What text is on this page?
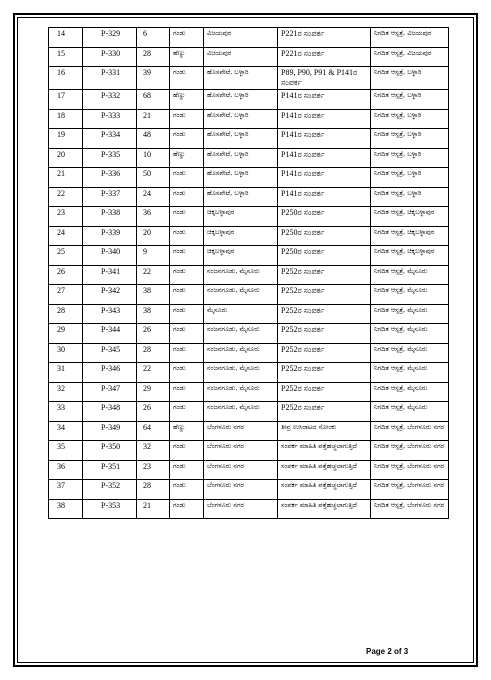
14	P-329	6	ಗಂಡು	ವಿಜಯಪುರ	P221ರ ಸಂಪರ್ಕ	ನಿಗದಿತ ಆಸ್ಪತ್ರೆ, ವಿಜಯಪುರ
15	P-330	28	ಹೆಣ್ಣು	ವಿಜಯಪುರ	P221ರ ಸಂಪರ್ಕ	ನಿಗದಿತ ಆಸ್ಪತ್ರೆ, ವಿಜಯಪುರ
16	P-331	39	ಗಂಡು	ಹೊಸಪೇಟೆ, ಬಳ್ಳಾರಿ	P89, P90, P91 & P141ರ ಸಂಪರ್ಕ	ನಿಗದಿತ ಆಸ್ಪತ್ರೆ, ಬಳ್ಳಾರಿ
17	P-332	68	ಹೆಣ್ಣು	ಹೊಸಪೇಟೆ, ಬಳ್ಳಾರಿ	P141ರ ಸಂಪರ್ಕ	ನಿಗದಿತ ಆಸ್ಪತ್ರೆ, ಬಳ್ಳಾರಿ
18	P-333	21	ಗಂಡು	ಹೊಸಪೇಟೆ, ಬಳ್ಳಾರಿ	P141ರ ಸಂಪರ್ಕ	ನಿಗದಿತ ಆಸ್ಪತ್ರೆ, ಬಳ್ಳಾರಿ
19	P-334	48	ಗಂಡು	ಹೊಸಪೇಟೆ, ಬಳ್ಳಾರಿ	P141ರ ಸಂಪರ್ಕ	ನಿಗದಿತ ಆಸ್ಪತ್ರೆ, ಬಳ್ಳಾರಿ
20	P-335	10	ಹೆಣ್ಣು	ಹೊಸಪೇಟೆ, ಬಳ್ಳಾರಿ	P141ರ ಸಂಪರ್ಕ	ನಿಗದಿತ ಆಸ್ಪತ್ರೆ, ಬಳ್ಳಾರಿ
21	P-336	50	ಗಂಡು	ಹೊಸಪೇಟೆ, ಬಳ್ಳಾರಿ	P141ರ ಸಂಪರ್ಕ	ನಿಗದಿತ ಆಸ್ಪತ್ರೆ, ಬಳ್ಳಾರಿ
22	P-337	24	ಗಂಡು	ಹೊಸಪೇಟೆ, ಬಳ್ಳಾರಿ	P141ರ ಸಂಪರ್ಕ	ನಿಗದಿತ ಆಸ್ಪತ್ರೆ, ಬಳ್ಳಾರಿ
23	P-338	36	ಗಂಡು	ಚಿಕ್ಕಬಳ್ಳಾಪುರ	P250ರ ಸಂಪರ್ಕ	ನಿಗದಿತ ಆಸ್ಪತ್ರೆ, ಚಿಕ್ಕಬಳ್ಳಾಪುರ
24	P-339	20	ಗಂಡು	ಚಿಕ್ಕಬಳ್ಳಾಪುರ	P250ರ ಸಂಪರ್ಕ	ನಿಗದಿತ ಆಸ್ಪತ್ರೆ, ಚಿಕ್ಕಬಳ್ಳಾಪುರ
25	P-340	9	ಗಂಡು	ಚಿಕ್ಕಬಳ್ಳಾಪುರ	P250ರ ಸಂಪರ್ಕ	ನಿಗದಿತ ಆಸ್ಪತ್ರೆ, ಚಿಕ್ಕಬಳ್ಳಾಪುರ
26	P-341	22	ಗಂಡು	ನಂಜನಗೂಡು, ಮೈಸೂರು	P252ರ ಸಂಪರ್ಕ	ನಿಗದಿತ ಆಸ್ಪತ್ರೆ, ಮೈಸೂರು
27	P-342	38	ಗಂಡು	ನಂಜನಗೂಡು, ಮೈಸೂರು	P252ರ ಸಂಪರ್ಕ	ನಿಗದಿತ ಆಸ್ಪತ್ರೆ, ಮೈಸೂರು
28	P-343	38	ಗಂಡು	ಮೈಸೂರು	P252ರ ಸಂಪರ್ಕ	ನಿಗದಿತ ಆಸ್ಪತ್ರೆ, ಮೈಸೂರು
29	P-344	26	ಗಂಡು	ನಂಜನಗೂಡು, ಮೈಸೂರು	P252ರ ಸಂಪರ್ಕ	ನಿಗದಿತ ಆಸ್ಪತ್ರೆ, ಮೈಸೂರು
30	P-345	28	ಗಂಡು	ನಂಜನಗೂಡು, ಮೈಸೂರು	P252ರ ಸಂಪರ್ಕ	ನಿಗದಿತ ಆಸ್ಪತ್ರೆ, ಮೈಸೂರು
31	P-346	22	ಗಂಡು	ನಂಜನಗೂಡು, ಮೈಸೂರು	P252ರ ಸಂಪರ್ಕ	ನಿಗದಿತ ಆಸ್ಪತ್ರೆ, ಮೈಸೂರು
32	P-347	29	ಗಂಡು	ನಂಜನಗೂಡು, ಮೈಸೂರು	P252ರ ಸಂಪರ್ಕ	ನಿಗದಿತ ಆಸ್ಪತ್ರೆ, ಮೈಸೂರು
33	P-348	26	ಗಂಡು	ನಂಜನಗೂಡು, ಮೈಸೂರು	P252ರ ಸಂಪರ್ಕ	ನಿಗದಿತ ಆಸ್ಪತ್ರೆ, ಮೈಸೂರು
34	P-349	64	ಹೆಣ್ಣು	ಬೆಂಗಳೂರು ನಗರ	ತೀವ್ರ ಉಸಿರಾಟದ ಸೋಂಕು	ನಿಗದಿತ ಆಸ್ಪತ್ರೆ, ಬೆಂಗಳೂರು ನಗರ
35	P-350	32	ಗಂಡು	ಬೆಂಗಳೂರು ನಗರ	ಸಂಪರ್ಕ ಮಾಹಿತಿ ಪತ್ತೆಹಚ್ಚಲಾಗುತ್ತಿದೆ	ನಿಗದಿತ ಆಸ್ಪತ್ರೆ, ಬೆಂಗಳೂರು ನಗರ
36	P-351	23	ಗಂಡು	ಬೆಂಗಳೂರು ನಗರ	ಸಂಪರ್ಕ ಮಾಹಿತಿ ಪತ್ತೆಹಚ್ಚಲಾಗುತ್ತಿದೆ	ನಿಗದಿತ ಆಸ್ಪತ್ರೆ, ಬೆಂಗಳೂರು ನಗರ
37	P-352	28	ಗಂಡು	ಬೆಂಗಳೂರು ನಗರ	ಸಂಪರ್ಕ ಮಾಹಿತಿ ಪತ್ತೆಹಚ್ಚಲಾಗುತ್ತಿದೆ	ನಿಗದಿತ ಆಸ್ಪತ್ರೆ, ಬೆಂಗಳೂರು ನಗರ
38	P-353	21	ಗಂಡು	ಬೆಂಗಳೂರು ನಗರ	ಸಂಪರ್ಕ ಮಾಹಿತಿ ಪತ್ತೆಹಚ್ಚಲಾಗುತ್ತಿದೆ	ನಿಗದಿತ ಆಸ್ಪತ್ರೆ, ಬೆಂಗಳೂರು ನಗರ
Page 2 of 3
